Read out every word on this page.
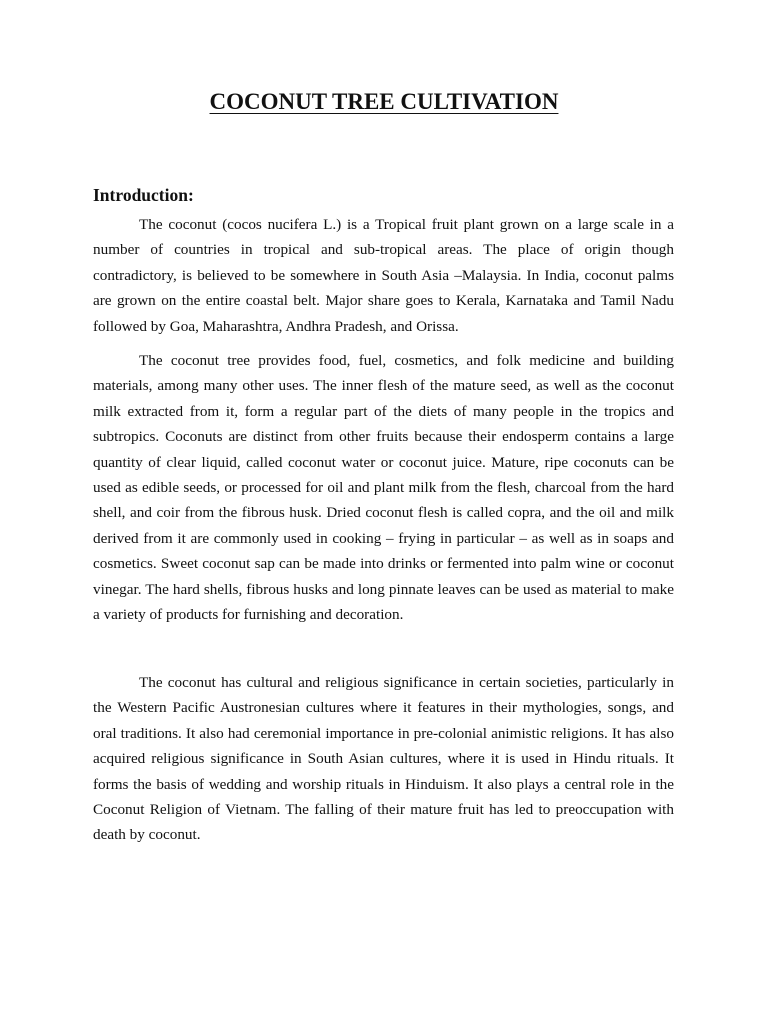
COCONUT TREE CULTIVATION
Introduction:

The coconut (cocos nucifera L.) is a Tropical fruit plant grown on a large scale in a number of countries in tropical and sub-tropical areas. The place of origin though contradictory, is believed to be somewhere in South Asia –Malaysia. In India, coconut palms are grown on the entire coastal belt. Major share goes to Kerala, Karnataka and Tamil Nadu followed by Goa, Maharashtra, Andhra Pradesh, and Orissa.

The coconut tree provides food, fuel, cosmetics, and folk medicine and building materials, among many other uses. The inner flesh of the mature seed, as well as the coconut milk extracted from it, form a regular part of the diets of many people in the tropics and subtropics. Coconuts are distinct from other fruits because their endosperm contains a large quantity of clear liquid, called coconut water or coconut juice. Mature, ripe coconuts can be used as edible seeds, or processed for oil and plant milk from the flesh, charcoal from the hard shell, and coir from the fibrous husk. Dried coconut flesh is called copra, and the oil and milk derived from it are commonly used in cooking – frying in particular – as well as in soaps and cosmetics. Sweet coconut sap can be made into drinks or fermented into palm wine or coconut vinegar. The hard shells, fibrous husks and long pinnate leaves can be used as material to make a variety of products for furnishing and decoration.

The coconut has cultural and religious significance in certain societies, particularly in the Western Pacific Austronesian cultures where it features in their mythologies, songs, and oral traditions. It also had ceremonial importance in pre-colonial animistic religions. It has also acquired religious significance in South Asian cultures, where it is used in Hindu rituals. It forms the basis of wedding and worship rituals in Hinduism. It also plays a central role in the Coconut Religion of Vietnam. The falling of their mature fruit has led to preoccupation with death by coconut.
